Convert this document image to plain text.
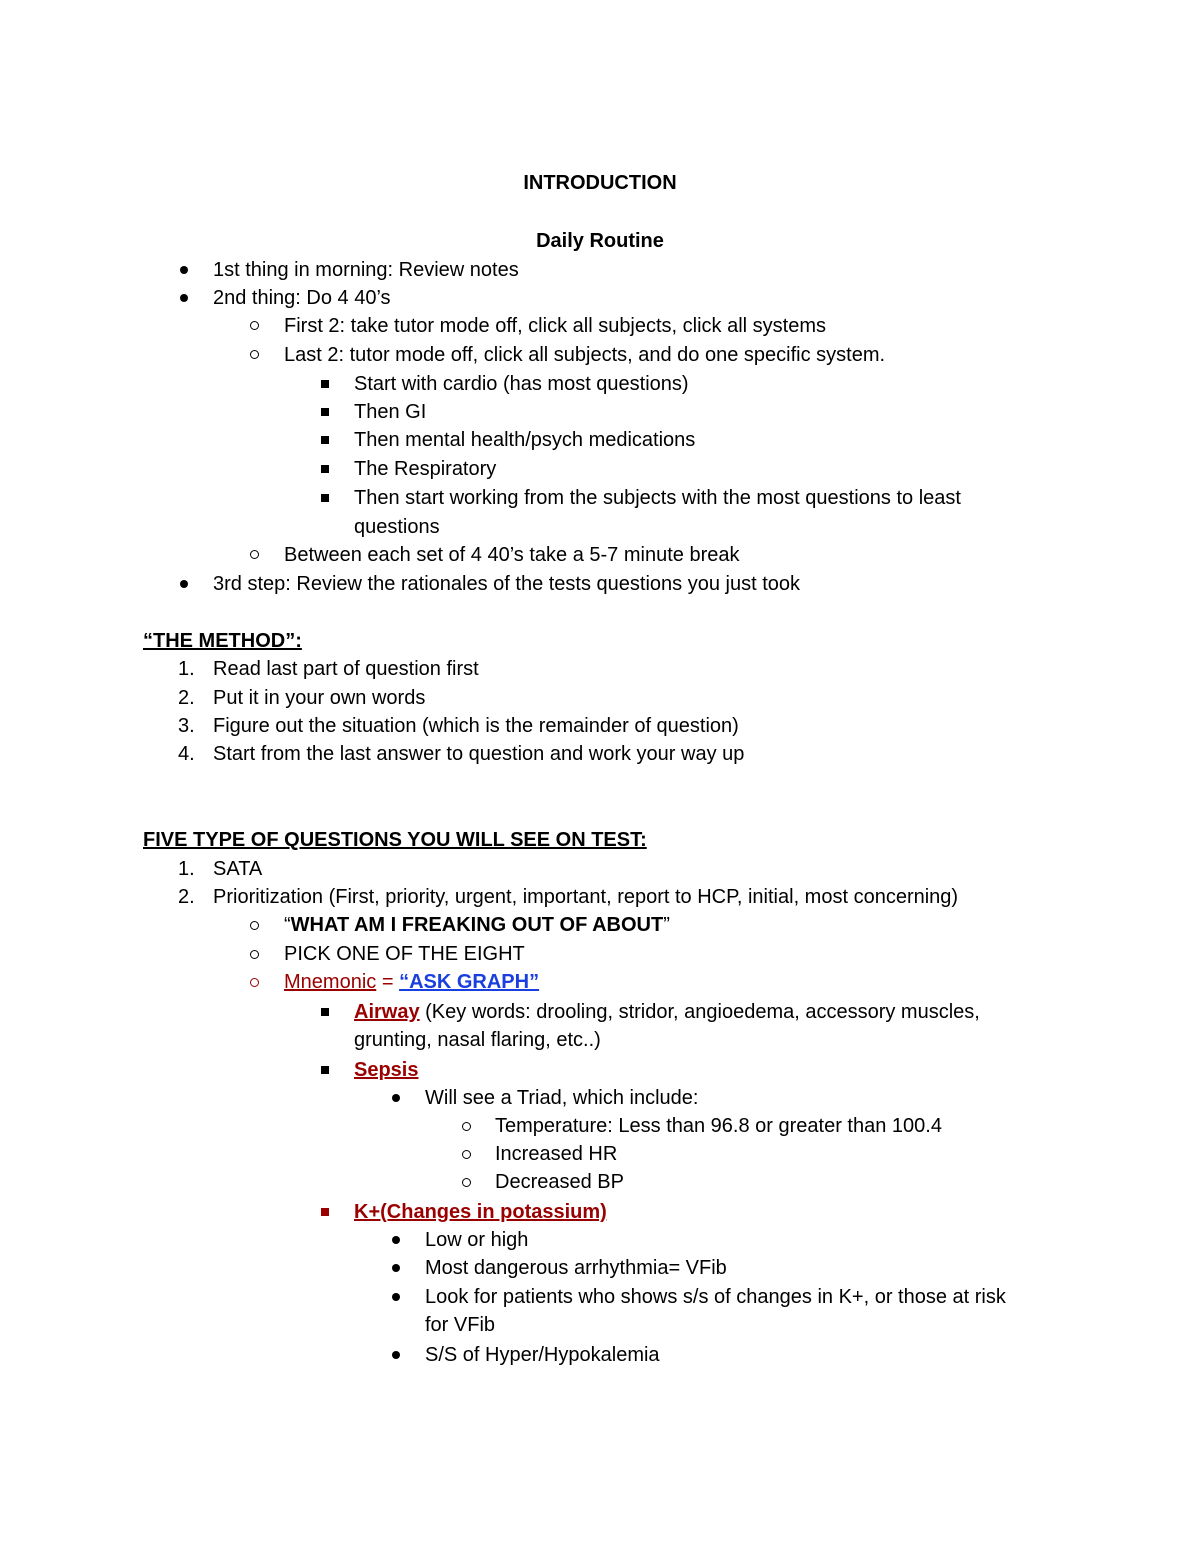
INTRODUCTION
Daily Routine
1st thing in morning: Review notes
2nd thing: Do 4 40’s
First 2: take tutor mode off, click all subjects, click all systems
Last 2: tutor mode off, click all subjects, and do one specific system.
Start with cardio (has most questions)
Then GI
Then mental health/psych medications
The Respiratory
Then start working from the subjects with the most questions to least
questions
Between each set of 4 40’s take a 5-7 minute break
3rd step: Review the rationales of the tests questions you just took
“THE METHOD”:
1. Read last part of question first
2. Put it in your own words
3. Figure out the situation (which is the remainder of question)
4. Start from the last answer to question and work your way up
FIVE TYPE OF QUESTIONS YOU WILL SEE ON TEST:
1. SATA
2. Prioritization (First, priority, urgent, important, report to HCP, initial, most concerning)
“WHAT AM I FREAKING OUT OF ABOUT”
PICK ONE OF THE EIGHT
Mnemonic = “ASK GRAPH”
Airway (Key words: drooling, stridor, angioedema, accessory muscles,
grunting, nasal flaring, etc..)
Sepsis
Will see a Triad, which include:
Temperature: Less than 96.8 or greater than 100.4
Increased HR
Decreased BP
K+(Changes in potassium)
Low or high
Most dangerous arrhythmia= VFib
Look for patients who shows s/s of changes in K+, or those at risk
for VFib
S/S of Hyper/Hypokalemia
